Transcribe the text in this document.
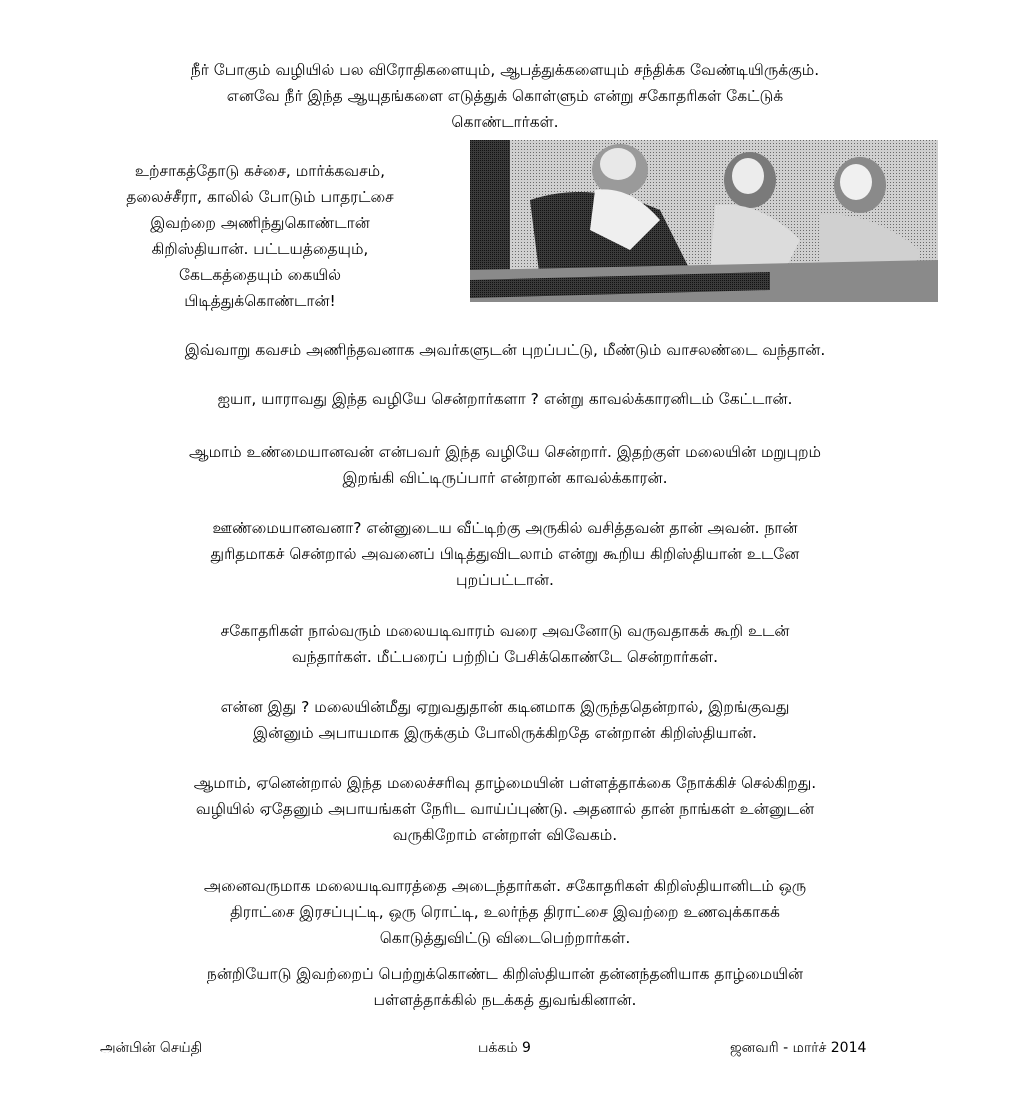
நீர் போகும் வழியில் பல விரோதிகளையும், ஆபத்துக்களையும் சந்திக்க வேண்டியிருக்கும்.
எனவே நீர் இந்த ஆயுதங்களை எடுத்துக் கொள்ளும் என்று சகோதரிகள் கேட்டுக்
கொண்டார்கள்.
உற்சாகத்தோடு கச்சை, மார்க்கவசம்,
தலைச்சீரா, காலில் போடும் பாதரட்சை
இவற்றை அணிந்துகொண்டான்
கிறிஸ்தியான். பட்டயத்தையும்,
கேடகத்தையும் கையில்
பிடித்துக்கொண்டான்!
இவ்வாறு கவசம் அணிந்தவனாக அவர்களுடன் புறப்பட்டு, மீண்டும் வாசலண்டை வந்தான்.
ஐயா, யாராவது இந்த வழியே சென்றார்களா ? என்று காவல்க்காரனிடம் கேட்டான்.
ஆமாம் உண்மையானவன் என்பவர் இந்த வழியே சென்றார். இதற்குள் மலையின் மறுபுறம்
இறங்கி விட்டிருப்பார் என்றான் காவல்க்காரன்.
ஊண்மையானவனா? என்னுடைய வீட்டிற்கு அருகில் வசித்தவன் தான் அவன். நான்
துரிதமாகச் சென்றால் அவனைப் பிடித்துவிடலாம் என்று கூறிய கிறிஸ்தியான் உடனே
புறப்பட்டான்.
சகோதரிகள் நால்வரும் மலையடிவாரம் வரை அவனோடு வருவதாகக் கூறி உடன்
வந்தார்கள். மீட்பரைப் பற்றிப் பேசிக்கொண்டே சென்றார்கள்.
என்ன இது ? மலையின்மீது ஏறுவதுதான் கடினமாக இருந்ததென்றால், இறங்குவது
இன்னும் அபாயமாக இருக்கும் போலிருக்கிறதே என்றான் கிறிஸ்தியான்.
ஆமாம், ஏனென்றால் இந்த மலைச்சரிவு தாழ்மையின் பள்ளத்தாக்கை நோக்கிச் செல்கிறது.
வழியில் ஏதேனும் அபாயங்கள் நேரிட வாய்ப்புண்டு. அதனால் தான் நாங்கள் உன்னுடன்
வருகிறோம் என்றாள் விவேகம்.
அனைவருமாக மலையடிவாரத்தை அடைந்தார்கள். சகோதரிகள் கிறிஸ்தியானிடம் ஒரு
திராட்சை இரசப்புட்டி, ஒரு ரொட்டி, உலர்ந்த திராட்சை இவற்றை உணவுக்காகக்
கொடுத்துவிட்டு விடைபெற்றார்கள்.
நன்றியோடு இவற்றைப் பெற்றுக்கொண்ட கிறிஸ்தியான் தன்னந்தனியாக தாழ்மையின்
பள்ளத்தாக்கில் நடக்கத் துவங்கினான்.
அன்பின் செய்தி	பக்கம் 9	ஜனவரி - மார்ச் 2014
